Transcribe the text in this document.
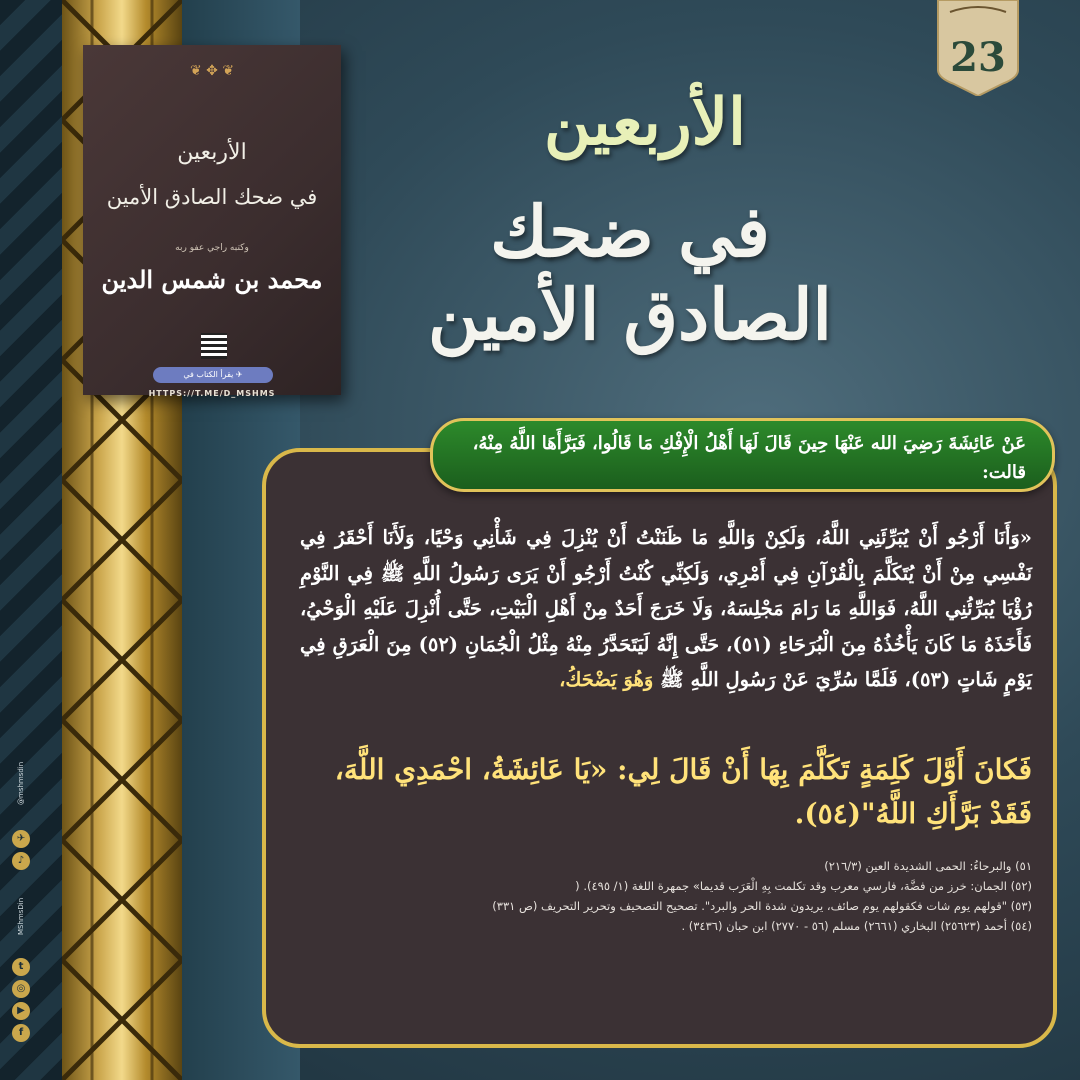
@mshmsdin
✈
♪
MShmsDin
t
◎
▶
f
❦ ✥ ❦
الأربعين
في ضحك الصادق الأمين
وكتبه راجي عفو ربه
محمد بن شمس الدين
يقرأ الكتاب في ✈
HTTPS://T.ME/D_MSHMS
23
الأربعين
في ضحك الصادق الأمين

عَنْ عَائِشَةَ رَضِيَ الله عَنْهَا حِينَ قَالَ لَهَا أَهْلُ الْإِفْكِ مَا قَالُوا، فَبَرَّأَهَا اللَّهُ مِنْهُ، قالت:

«وَأَنَا أَرْجُو أَنْ يُبَرِّئَنِي اللَّهُ، وَلَكِنْ وَاللَّهِ مَا ظَنَنْتُ أَنْ يُنْزِلَ فِي شَأْنِي وَحْيًا، وَلَأَنَا أَحْقَرُ فِي نَفْسِي مِنْ أَنْ يُتَكَلَّمَ بِالْقُرْآنِ فِي أَمْرِي، وَلَكِنِّي كُنْتُ أَرْجُو أَنْ يَرَى رَسُولُ اللَّهِ ﷺ فِي النَّوْمِ رُؤْيَا يُبَرِّئُنِي اللَّهُ، فَوَاللَّهِ مَا رَامَ مَجْلِسَهُ، وَلَا خَرَجَ أَحَدٌ مِنْ أَهْلِ الْبَيْتِ، حَتَّى أُنْزِلَ عَلَيْهِ الْوَحْيُ، فَأَخَذَهُ مَا كَانَ يَأْخُذُهُ مِنَ الْبُرَحَاءِ (٥١)، حَتَّى إِنَّهُ لَيَتَحَدَّرُ مِنْهُ مِثْلُ الْجُمَانِ (٥٢) مِنَ الْعَرَقِ فِي يَوْمٍ شَاتٍ (٥٣)، فَلَمَّا سُرِّيَ عَنْ رَسُولِ اللَّهِ ﷺ وَهُوَ يَضْحَكُ،

فَكانَ أَوَّلَ كَلِمَةٍ تَكَلَّمَ بِهَا أَنْ قَالَ لِي: «يَا عَائِشَةُ، احْمَدِي اللَّهَ، فَقَدْ بَرَّأَكِ اللَّهُ"(٥٤).

٥١) والبرحاءُ: الحمى الشديدة العين (٢١٦/٣)
(٥٢) الجمان: خرز من فضَّة، فارسي معرب وقد تكلمت بِهِ الْعَرَب قديما» جمهرة اللغة (١/ ٤٩٥). (
(٥٣) "قولهم يوم شات فكقولهم يوم صائف، يريدون شدة الحر والبرد". تصحيح التصحيف وتحرير التحريف (ص ٣٣١)
(٥٤) أحمد (٢٥٦٢٣) البخاري (٢٦٦١) مسلم (٥٦ - ٢٧٧٠) ابن حبان (٣٤٣٦) .
